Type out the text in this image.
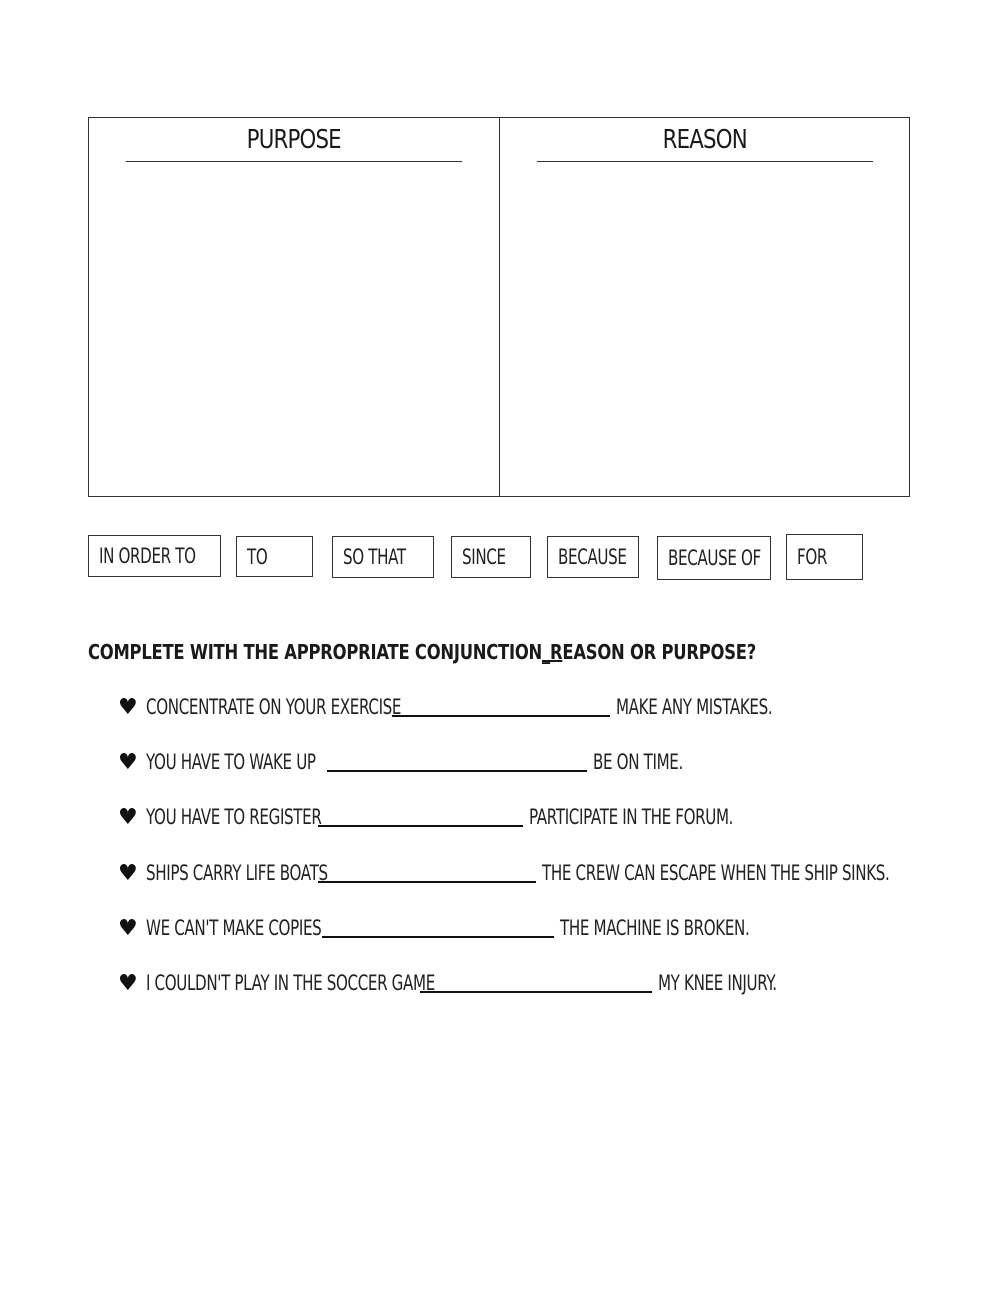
PURPOSE	REASON
IN ORDER TO TO	SO THAT	SINCE BECAUSE BECAUSE OF FOR
COMPLETE WITH THE APPROPRIATE CONJUNCTION_REASON OR PURPOSE?
♥ CONCENTRATE ON YOUR EXERCISE	MAKE ANY MISTAKES.
♥ YOU HAVE TO WAKE UP	BE ON TIME.
♥ YOU HAVE TO REGISTER	PARTICIPATE IN THE FORUM.
♥ SHIPS CARRY LIFE BOATS	THE CREW CAN ESCAPE WHEN THE SHIP SINKS.
♥ WE CAN'T MAKE COPIES	THE MACHINE IS BROKEN.
♥ I COULDN'T PLAY IN THE SOCCER GAME	MY KNEE INJURY.
